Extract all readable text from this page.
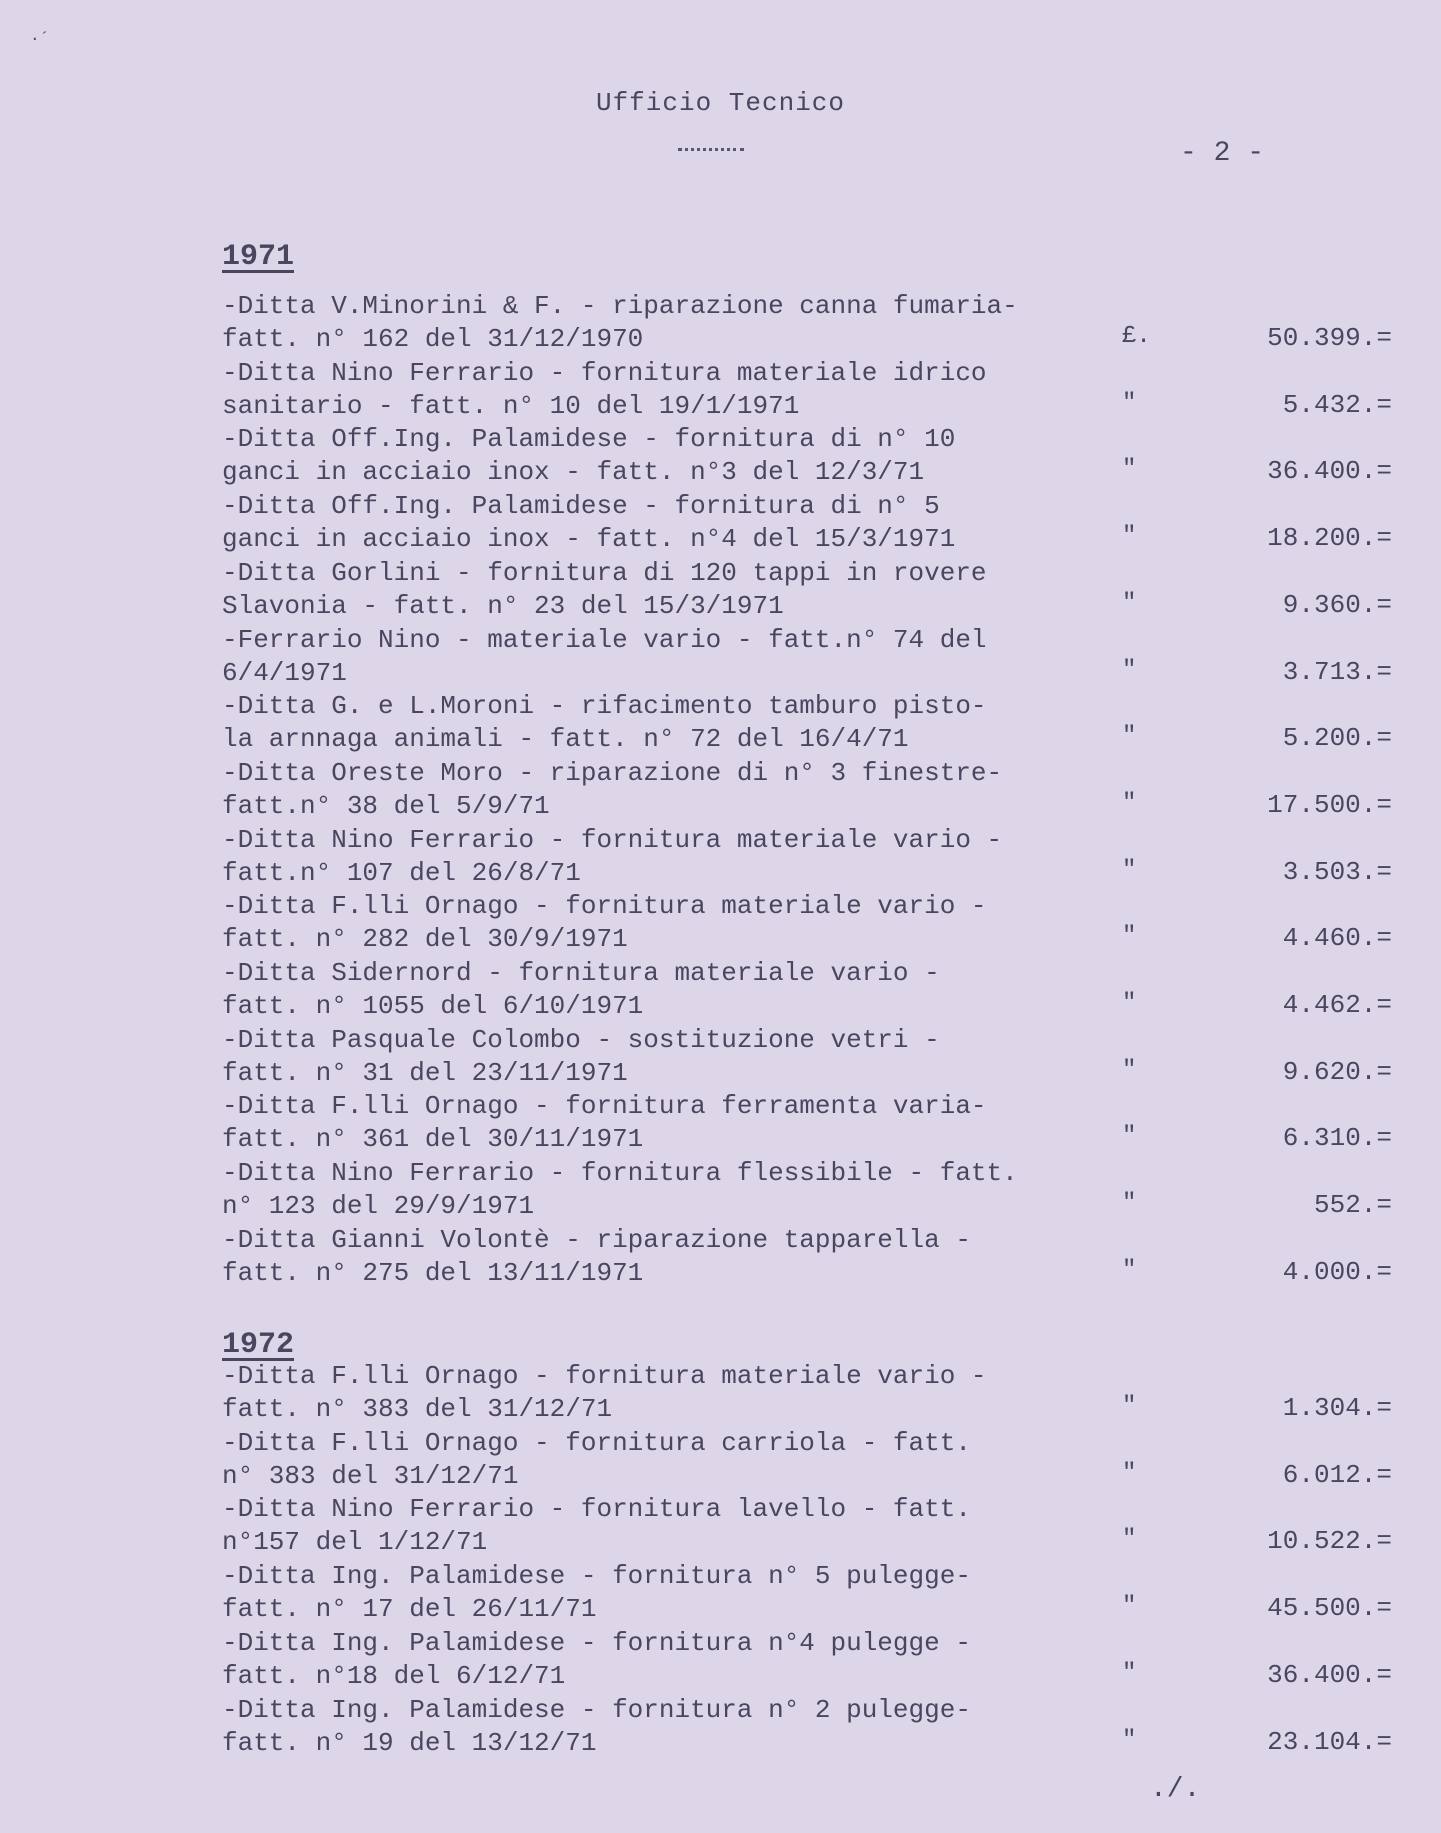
·´
Ufficio Tecnico
- 2 -
1971
-Ditta V.Minorini & F. - riparazione canna fumaria-
fatt. n° 162 del 31/12/1970	£.	50.399.=
-Ditta Nino Ferrario - fornitura materiale idrico
sanitario - fatt. n° 10 del 19/1/1971	"	5.432.=
-Ditta Off.Ing. Palamidese - fornitura di n° 10
ganci in acciaio inox - fatt. n°3 del 12/3/71	"	36.400.=
-Ditta Off.Ing. Palamidese - fornitura di n° 5
ganci in acciaio inox - fatt. n°4 del 15/3/1971	"	18.200.=
-Ditta Gorlini - fornitura di 120 tappi in rovere
Slavonia - fatt. n° 23 del 15/3/1971	"	9.360.=
-Ferrario Nino - materiale vario - fatt.n° 74 del
6/4/1971	"	3.713.=
-Ditta G. e L.Moroni - rifacimento tamburo pisto-
la arnnaga animali - fatt. n° 72 del 16/4/71	"	5.200.=
-Ditta Oreste Moro - riparazione di n° 3 finestre-
fatt.n° 38 del 5/9/71	"	17.500.=
-Ditta Nino Ferrario - fornitura materiale vario -
fatt.n° 107 del 26/8/71	"	3.503.=
-Ditta F.lli Ornago - fornitura materiale vario -
fatt. n° 282 del 30/9/1971	"	4.460.=
-Ditta Sidernord - fornitura materiale vario -
fatt. n° 1055 del 6/10/1971	"	4.462.=
-Ditta Pasquale Colombo - sostituzione vetri -
fatt. n° 31 del 23/11/1971	"	9.620.=
-Ditta F.lli Ornago - fornitura ferramenta varia-
fatt. n° 361 del 30/11/1971	"	6.310.=
-Ditta Nino Ferrario - fornitura flessibile - fatt.
n° 123 del 29/9/1971	"	552.=
-Ditta Gianni Volontè - riparazione tapparella -
fatt. n° 275 del 13/11/1971	"	4.000.=
1972
-Ditta F.lli Ornago - fornitura materiale vario -
fatt. n° 383 del 31/12/71	"	1.304.=
-Ditta F.lli Ornago - fornitura carriola - fatt.
n° 383 del 31/12/71	"	6.012.=
-Ditta Nino Ferrario - fornitura lavello - fatt.
n°157 del 1/12/71	"	10.522.=
-Ditta Ing. Palamidese - fornitura n° 5 pulegge-
fatt. n° 17 del 26/11/71	"	45.500.=
-Ditta Ing. Palamidese - fornitura n°4 pulegge -
fatt. n°18 del 6/12/71	"	36.400.=
-Ditta Ing. Palamidese - fornitura n° 2 pulegge-
fatt. n° 19 del 13/12/71	"	23.104.=
./.
